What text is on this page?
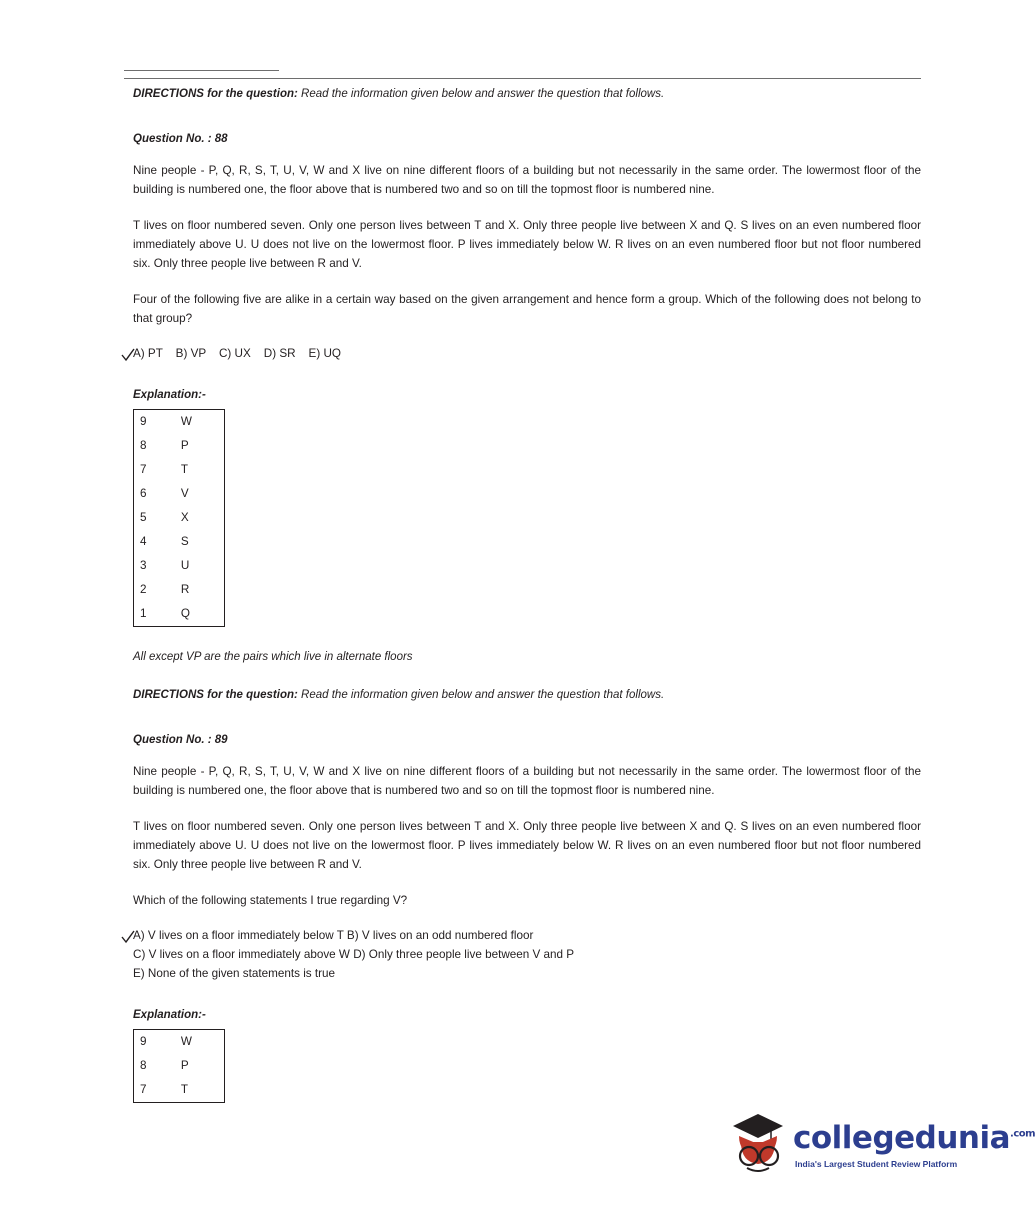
DIRECTIONS for the question: Read the information given below and answer the question that follows.

Question No. : 88

Nine people - P, Q, R, S, T, U, V, W and X live on nine different floors of a building but not necessarily in the same order. The lowermost floor of the building is numbered one, the floor above that is numbered two and so on till the topmost floor is numbered nine.

T lives on floor numbered seven. Only one person lives between T and X. Only three people live between X and Q. S lives on an even numbered floor immediately above U. U does not live on the lowermost floor. P lives immediately below W. R lives on an even numbered floor but not floor numbered six. Only three people live between R and V.

Four of the following five are alike in a certain way based on the given arrangement and hence form a group. Which of the following does not belong to that group?

A) PT    B) VP    C) UX    D) SR    E) UQ

Explanation:-

9	W
8	P
7	T
6	V
5	X
4	S
3	U
2	R
1	Q

All except VP are the pairs which live in alternate floors

DIRECTIONS for the question: Read the information given below and answer the question that follows.

Question No. : 89

Nine people - P, Q, R, S, T, U, V, W and X live on nine different floors of a building but not necessarily in the same order. The lowermost floor of the building is numbered one, the floor above that is numbered two and so on till the topmost floor is numbered nine.

T lives on floor numbered seven. Only one person lives between T and X. Only three people live between X and Q. S lives on an even numbered floor immediately above U. U does not live on the lowermost floor. P lives immediately below W. R lives on an even numbered floor but not floor numbered six. Only three people live between R and V.

Which of the following statements I true regarding V?

A) V lives on a floor immediately below T B) V lives on an odd numbered floor
C) V lives on a floor immediately above W D) Only three people live between V and P
E) None of the given statements is true

Explanation:-

9	W
8	P
7	T
collegedunia$^{.com}$
India's Largest Student Review Platform
